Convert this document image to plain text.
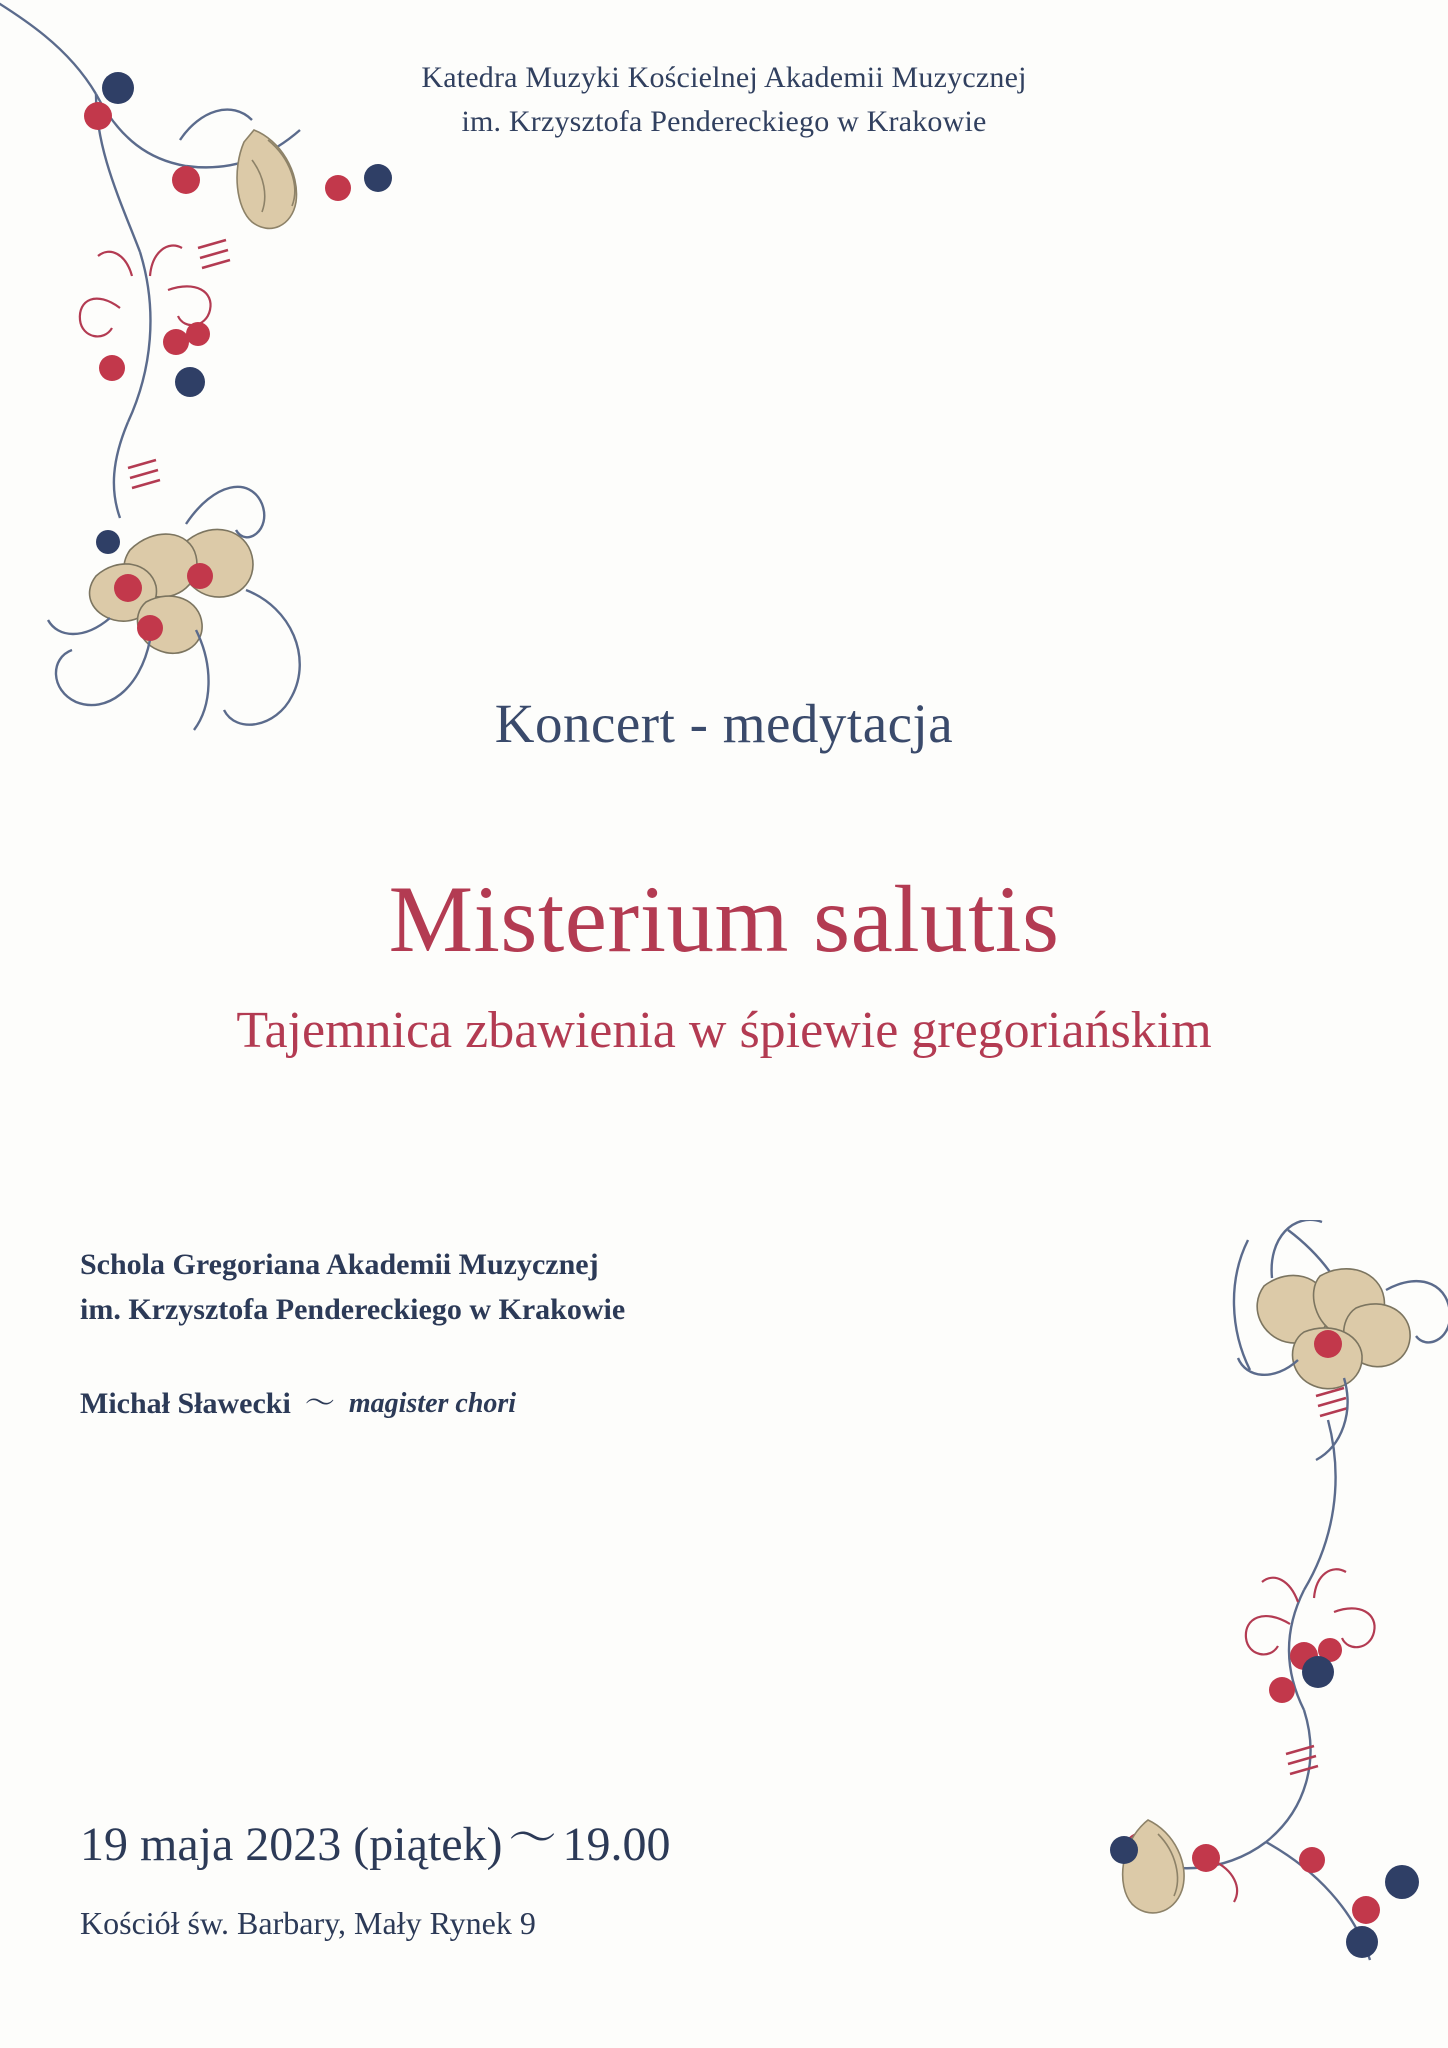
Katedra Muzyki Kościelnej Akademii Muzycznej
im. Krzysztofa Pendereckiego w Krakowie
Koncert - medytacja
Misterium salutis
Tajemnica zbawienia w śpiewie gregoriańskim
Schola Gregoriana Akademii Muzycznej
im. Krzysztofa Pendereckiego w Krakowie
Michał Sławecki 〜 magister chori
19 maja 2023 (piątek) 〜 19.00
Kościół św. Barbary, Mały Rynek 9
